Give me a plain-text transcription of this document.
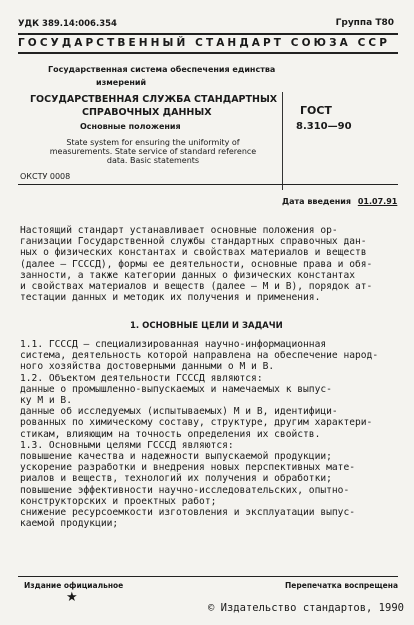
УДК 389.14:006.354	Группа Т80
ГОСУДАРСТВЕННЫЙ СТАНДАРТ СОЮЗА ССР
Государственная система обеспечения единства
измерений
ГОСУДАРСТВЕННАЯ СЛУЖБА СТАНДАРТНЫХ
СПРАВОЧНЫХ ДАННЫХ
Основные положения
State system for ensuring the uniformity of measurements. State service of standard reference data. Basic statements
ГОСТ
8.310—90
ОКСТУ 0008
Дата введения 01.07.91

Настоящий стандарт устанавливает основные положения ор-

ганизации Государственной службы стандартных справочных дан-

ных о физических константах и свойствах материалов и веществ

(далее — ГСССД), формы ее деятельности, основные права и обя-

занности, а также категории данных о физических константах

и свойствах материалов и веществ (далее — М и В), порядок ат-

тестации данных и методик их получения и применения.

1. ОСНОВНЫЕ ЦЕЛИ И ЗАДАЧИ

1.1. ГСССД — специализированная научно-информационная

система, деятельность которой направлена на обеспечение народ-

ного хозяйства достоверными данными о М и В.

1.2. Объектом деятельности ГСССД являются:

данные о промышленно-выпускаемых и намечаемых к выпус-

ку М и В.

данные об исследуемых (испытываемых) М и В, идентифици-

рованных по химическому составу, структуре, другим характери-

стикам, влияющим на точность определения их свойств.

1.3. Основными целями ГСССД являются:

повышение качества и надежности выпускаемой продукции;

ускорение разработки и внедрения новых перспективных мате-

риалов и веществ, технологий их получения и обработки;

повышение эффективности научно-исследовательских, опытно-

конструкторских и проектных работ;

снижение ресурсоемкости изготовления и эксплуатации выпус-

каемой продукции;

Издание официальное	Перепечатка воспрещена
★
© Издательство стандартов, 1990
